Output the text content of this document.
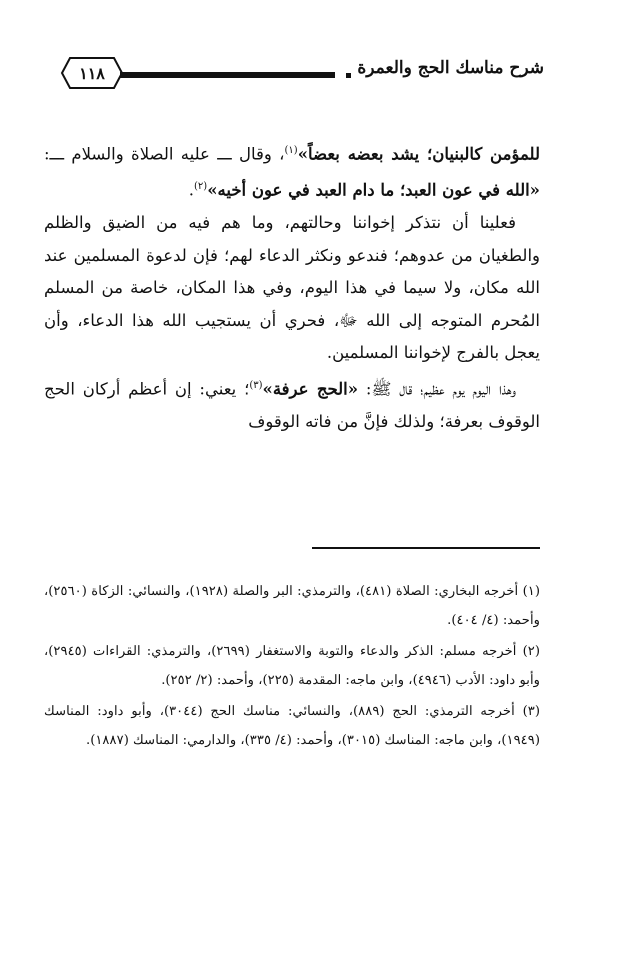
١١٨	شرح مناسك الحج والعمرة

للمؤمن كالبنيان؛ يشد بعضه بعضاً»$^{(١)}$، وقال ـــ عليه الصلاة والسلام ـــ: «الله في عون العبد؛ ما دام العبد في عون أخيه»$^{(٢)}$.

فعلينا أن نتذكر إخواننا وحالتهم، وما هم فيه من الضيق والظلم والطغيان من عدوهم؛ فندعو ونكثر الدعاء لهم؛ فإن لدعوة المسلمين عند الله مكان، ولا سيما في هذا اليوم، وفي هذا المكان، خاصة من المسلم المُحرم المتوجه إلى الله ﷻ، فحري أن يستجيب الله هذا الدعاء، وأن يعجل بالفرج لإخواننا المسلمين.

وهذا اليوم يوم عظيم؛ قال ﷺ: «الحج عرفة»$^{(٣)}$؛ يعني: إن أعظم أركان الحج الوقوف بعرفة؛ ولذلك فإنَّ من فاته الوقوف

(١) أخرجه البخاري: الصلاة (٤٨١)، والترمذي: البر والصلة (١٩٢٨)، والنسائي: الزكاة (٢٥٦٠)، وأحمد: (٤/ ٤٠٤).

(٢) أخرجه مسلم: الذكر والدعاء والتوبة والاستغفار (٢٦٩٩)، والترمذي: القراءات (٢٩٤٥)، وأبو داود: الأدب (٤٩٤٦)، وابن ماجه: المقدمة (٢٢٥)، وأحمد: (٢/ ٢٥٢).

(٣) أخرجه الترمذي: الحج (٨٨٩)، والنسائي: مناسك الحج (٣٠٤٤)، وأبو داود: المناسك (١٩٤٩)، وابن ماجه: المناسك (٣٠١٥)، وأحمد: (٤/ ٣٣٥)، والدارمي: المناسك (١٨٨٧).
